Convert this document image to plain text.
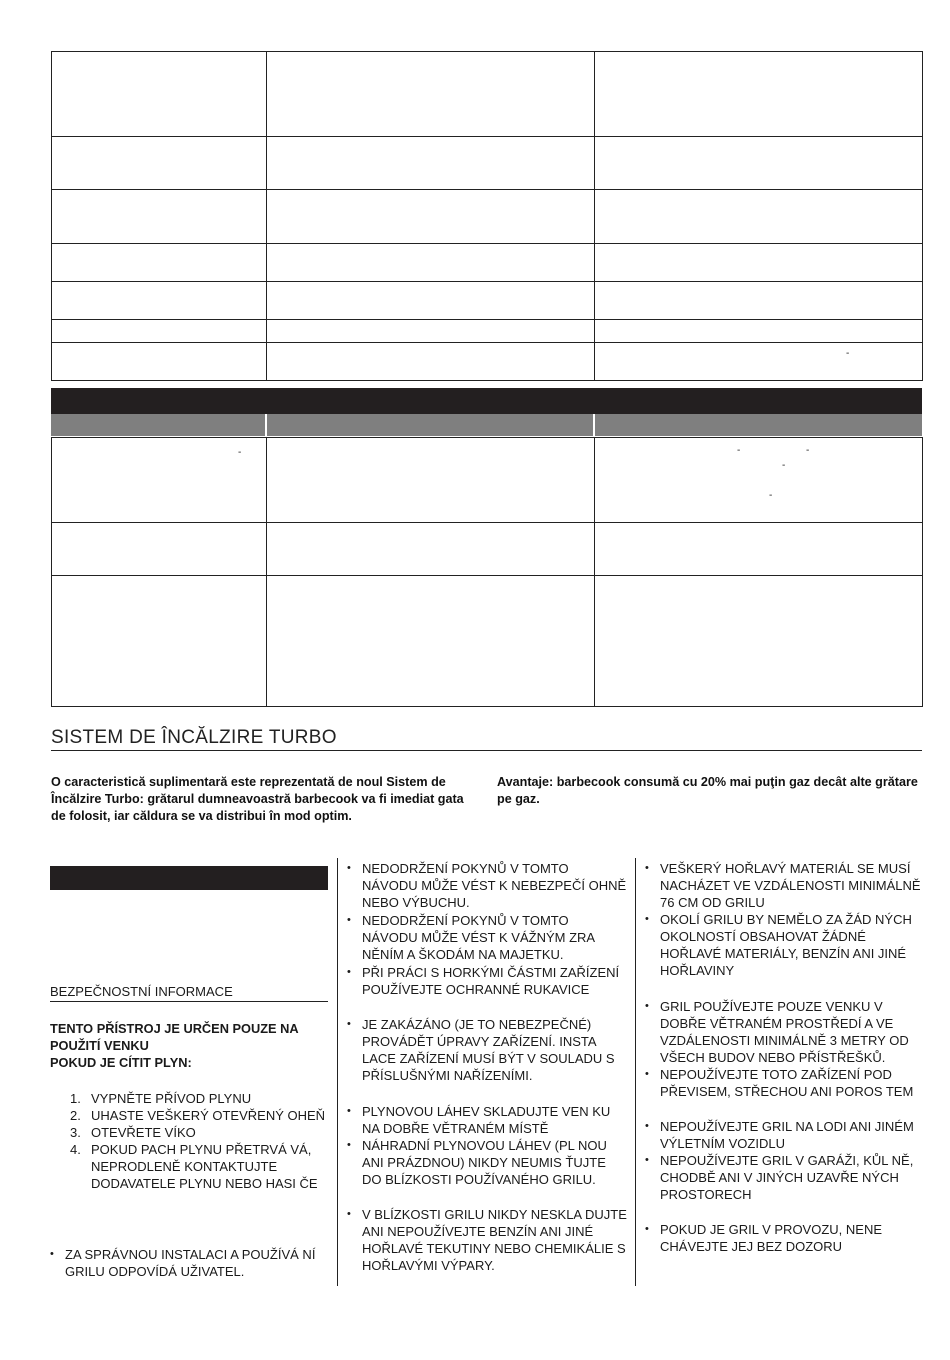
		-
-		- -
-
-

SISTEM DE ÎNCĂLZIRE TURBO
O caracteristică suplimentară este reprezentată de noul Sistem de Încălzire Turbo: grătarul dumneavoastră barbecook va fi imediat gata de folosit, iar căldura se va distribui în mod optim.
Avantaje: barbecook consumă cu 20% mai puţin gaz decât alte grătare pe gaz.
BEZPEČNOSTNÍ INFORMACE
TENTO PŘÍSTROJ JE URČEN POUZE NA POUŽITÍ VENKU
POKUD JE CÍTIT PLYN:
1. VYPNĚTE PŘÍVOD PLYNU
2. UHASTE VEŠKERÝ OTEVŘENÝ OHEŇ
3. OTEVŘETE VÍKO
4. POKUD PACH PLYNU PŘETRVÁ VÁ, NEPRODLENĚ KONTAKTUJTE DODAVATELE PLYNU NEBO HASI ČE
• ZA SPRÁVNOU INSTALACI A POUŽÍVÁ NÍ GRILU ODPOVÍDÁ UŽIVATEL.
• NEDODRŽENÍ POKYNŮ V TOMTO NÁVODU MŮŽE VÉST K NEBEZPEČÍ OHNĚ NEBO VÝBUCHU.
• NEDODRŽENÍ POKYNŮ V TOMTO NÁVODU MŮŽE VÉST K VÁŽNÝM ZRA NĚNÍM A ŠKODÁM NA MAJETKU.
• PŘI PRÁCI S HORKÝMI ČÁSTMI ZAŘÍZENÍ POUŽÍVEJTE OCHRANNÉ RUKAVICE
• JE ZAKÁZÁNO (JE TO NEBEZPEČNÉ) PROVÁDĚT ÚPRAVY ZAŘÍZENÍ. INSTA LACE ZAŘÍZENÍ MUSÍ BÝT V SOULADU S PŘÍSLUŠNÝMI NAŘÍZENÍMI.
• PLYNOVOU LÁHEV SKLADUJTE VEN KU NA DOBŘE VĚTRANÉM MÍSTĚ
• NÁHRADNÍ PLYNOVOU LÁHEV (PL NOU ANI PRÁZDNOU) NIKDY NEUMIS ŤUJTE DO BLÍZKOSTI POUŽÍVANÉHO GRILU.
• V BLÍZKOSTI GRILU NIKDY NESKLA DUJTE ANI NEPOUŽÍVEJTE BENZÍN ANI JINÉ HOŘLAVÉ TEKUTINY NEBO CHEMIKÁLIE S HOŘLAVÝMI VÝPARY.
• VEŠKERÝ HOŘLAVÝ MATERIÁL SE MUSÍ NACHÁZET VE VZDÁLENOSTI MINIMÁLNĚ 76 CM OD GRILU
• OKOLÍ GRILU BY NEMĚLO ZA ŽÁD NÝCH OKOLNOSTÍ OBSAHOVAT ŽÁDNÉ HOŘLAVÉ MATERIÁLY, BENZÍN ANI JINÉ HOŘLAVINY
• GRIL POUŽÍVEJTE POUZE VENKU V DOBŘE VĚTRANÉM PROSTŘEDÍ A VE VZDÁLENOSTI MINIMÁLNĚ 3 METRY OD VŠECH BUDOV NEBO PŘÍSTŘEŠKŮ.
• NEPOUŽÍVEJTE TOTO ZAŘÍZENÍ POD PŘEVISEM, STŘECHOU ANI POROS TEM
• NEPOUŽÍVEJTE GRIL NA LODI ANI JINÉM VÝLETNÍM VOZIDLU
• NEPOUŽÍVEJTE GRIL V GARÁŽI, KŮL NĚ, CHODBĚ ANI V JINÝCH UZAVŘE NÝCH PROSTORECH
• POKUD JE GRIL V PROVOZU, NENE CHÁVEJTE JEJ BEZ DOZORU
